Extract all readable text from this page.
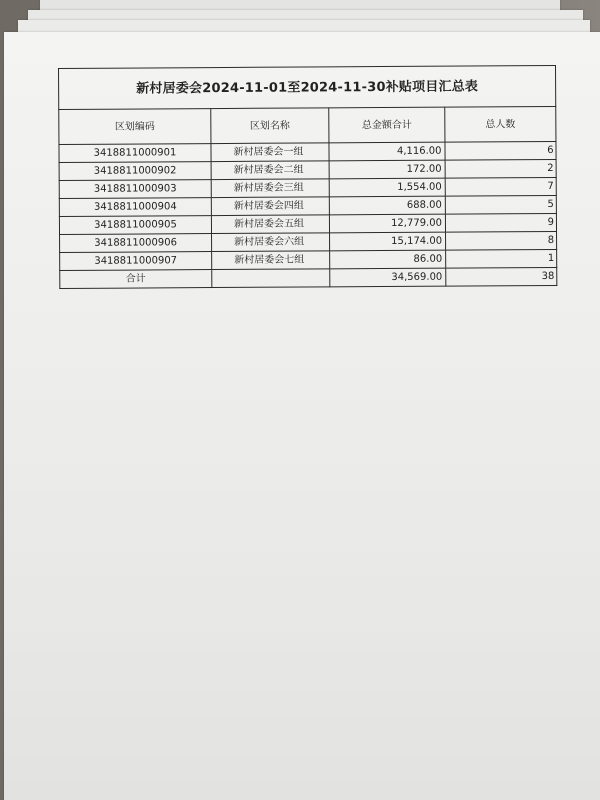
新村居委会2024-11-01至2024-11-30补贴项目汇总表			
区划编码	区划名称	总金额合计	总人数
3418811000901	新村居委会一组	4,116.00	6
3418811000902	新村居委会二组	172.00	2
3418811000903	新村居委会三组	1,554.00	7
3418811000904	新村居委会四组	688.00	5
3418811000905	新村居委会五组	12,779.00	9
3418811000906	新村居委会六组	15,174.00	8
3418811000907	新村居委会七组	86.00	1
合计		34,569.00	38
